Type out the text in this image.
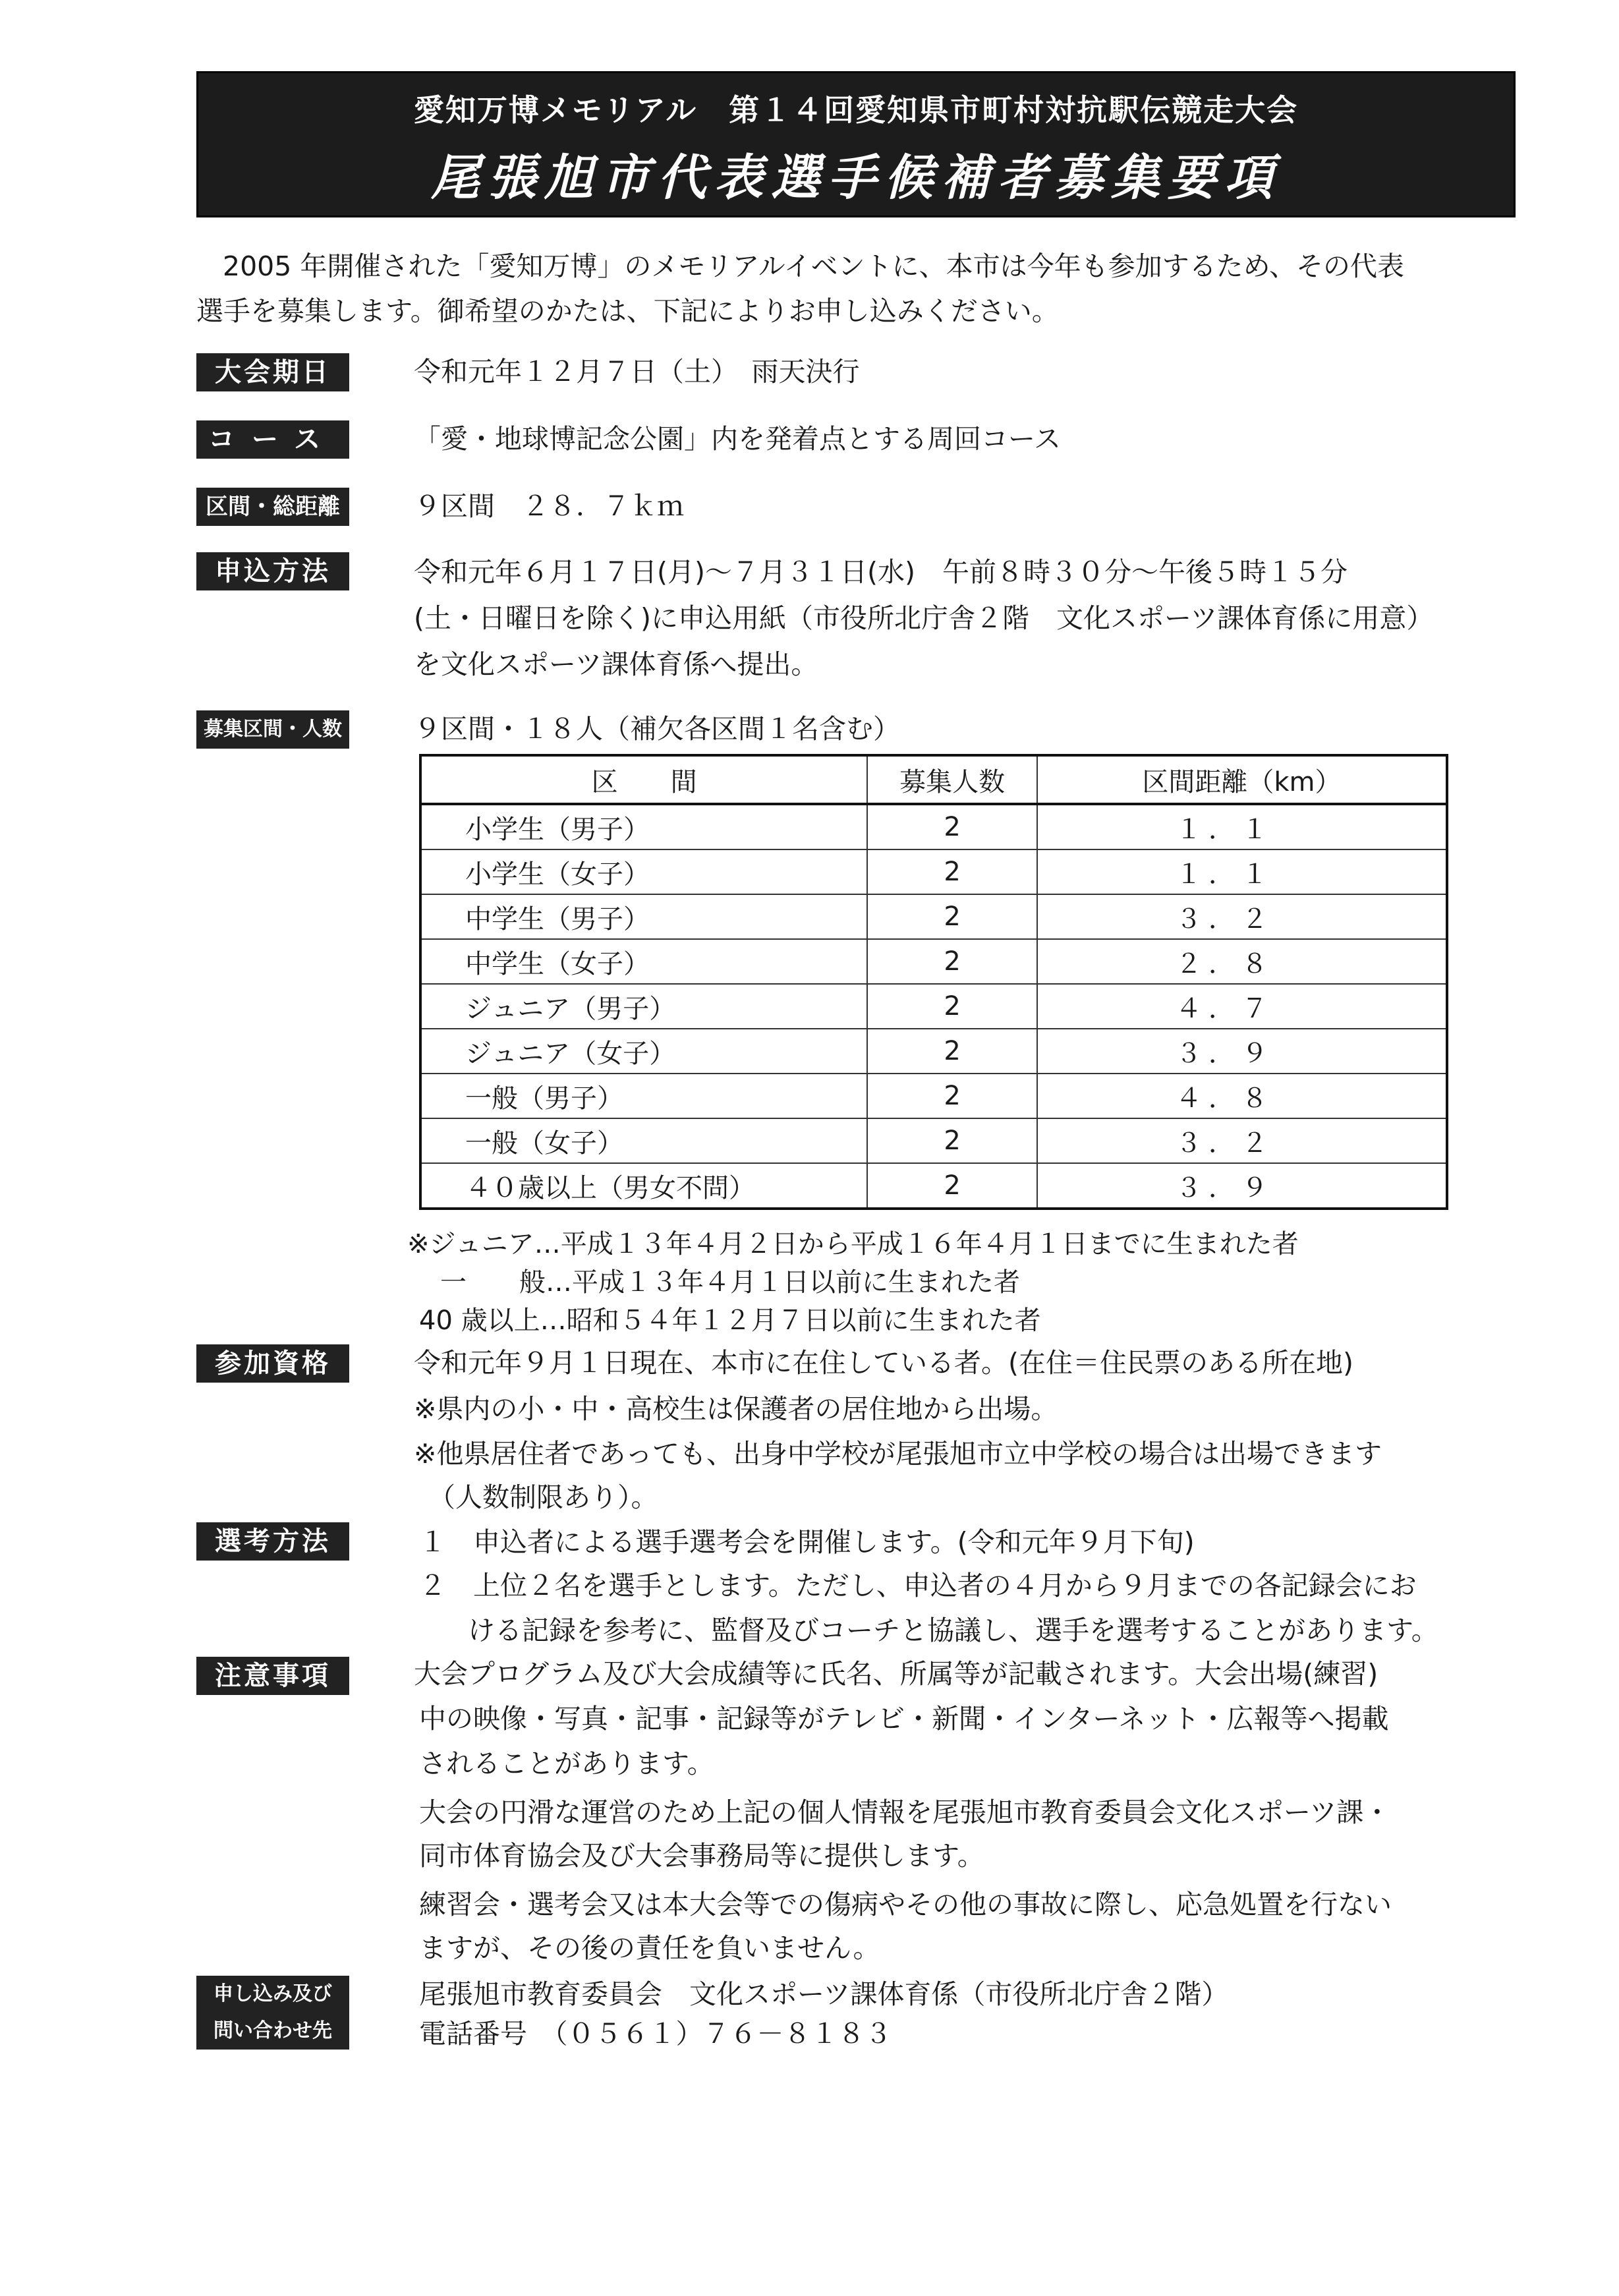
愛知万博メモリアル　第１４回愛知県市町村対抗駅伝競走大会
尾張旭市代表選手候補者募集要項
2005 年開催された「愛知万博」のメモリアルイベントに、本市は今年も参加するため、その代表
選手を募集します。御希望のかたは、下記によりお申し込みください。
大会期日	令和元年１２月７日（土）　雨天決行
コース	「愛・地球博記念公園」内を発着点とする周回コース
区間・総距離	９区間　２８．７ｋｍ
申込方法	令和元年６月１７日(月)～７月３１日(水)　午前８時３０分～午後５時１５分
(土・日曜日を除く)に申込用紙（市役所北庁舎２階　文化スポーツ課体育係に用意）
を文化スポーツ課体育係へ提出。
募集区間・人数	９区間・１８人（補欠各区間１名含む）
区　　間	募集人数	区間距離（km）
小学生（男子）	2	１．１
小学生（女子）	2	１．１
中学生（男子）	2	３．２
中学生（女子）	2	２．８
ジュニア（男子）	2	４．７
ジュニア（女子）	2	３．９
一般（男子）	2	４．８
一般（女子）	2	３．２
４０歳以上（男女不問）	2	３．９
※ジュニア…平成１３年４月２日から平成１６年４月１日までに生まれた者
一　　般…平成１３年４月１日以前に生まれた者
40 歳以上…昭和５４年１２月７日以前に生まれた者
参加資格	令和元年９月１日現在、本市に在住している者。(在住＝住民票のある所在地)
※県内の小・中・高校生は保護者の居住地から出場。
※他県居住者であっても、出身中学校が尾張旭市立中学校の場合は出場できます
（人数制限あり）。
選考方法	１　申込者による選手選考会を開催します。(令和元年９月下旬)
２　上位２名を選手とします。ただし、申込者の４月から９月までの各記録会にお
ける記録を参考に、監督及びコーチと協議し、選手を選考することがあります。
注意事項	大会プログラム及び大会成績等に氏名、所属等が記載されます。大会出場(練習)
中の映像・写真・記事・記録等がテレビ・新聞・インターネット・広報等へ掲載
されることがあります。
大会の円滑な運営のため上記の個人情報を尾張旭市教育委員会文化スポーツ課・
同市体育協会及び大会事務局等に提供します。
練習会・選考会又は本大会等での傷病やその他の事故に際し、応急処置を行ない
ますが、その後の責任を負いません。
申し込み及び
問い合わせ先
尾張旭市教育委員会　文化スポーツ課体育係（市役所北庁舎２階）
電話番号　（０５６１）７６－８１８３
